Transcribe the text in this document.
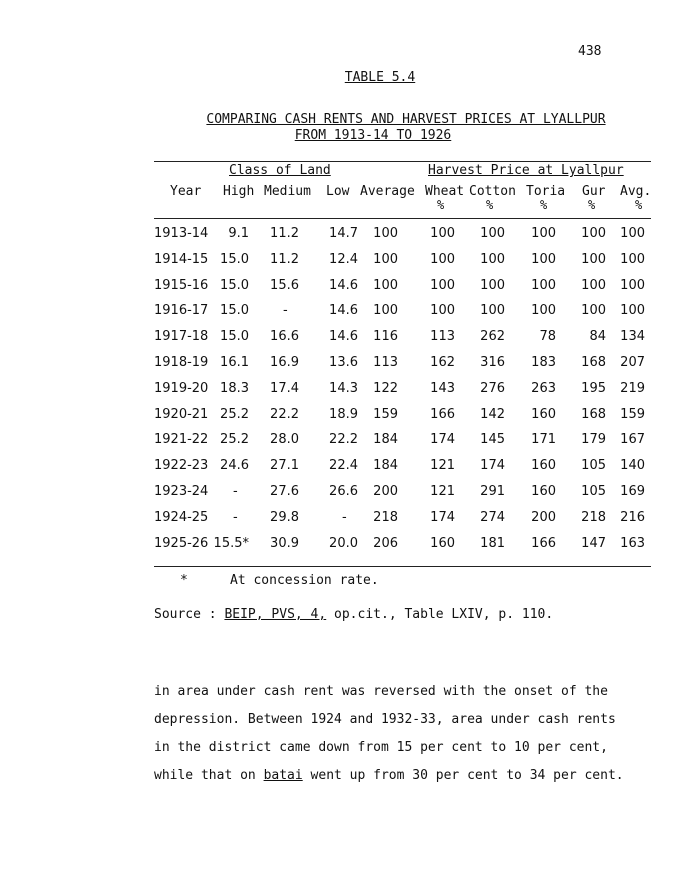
438
TABLE 5.4
COMPARING CASH RENTS AND HARVEST PRICES AT LYALLPUR
FROM 1913-14 TO 1926
Class of Land	Harvest Price at Lyallpur
Year High Medium Low Average Wheat Cotton Toria Gur Avg.
%	%	%	%	%
1913-14 9.1 11.2 14.7 100 100 100 100 100 100
1914-15 15.0 11.2 12.4 100 100 100 100 100 100
1915-16 15.0 15.6 14.6 100 100 100 100 100 100
1916-17 15.0	-	14.6 100 100 100 100 100 100
1917-18 15.0 16.6 14.6 116 113 262	78	84 134
1918-19 16.1 16.9 13.6 113 162 316 183 168 207
1919-20 18.3 17.4 14.3 122 143 276 263 195 219
1920-21 25.2 22.2 18.9 159 166 142 160 168 159
1921-22 25.2 28.0 22.2 184 174 145 171 179 167
1922-23 24.6 27.1 22.4 184 121 174 160 105 140
1923-24 - 27.6 26.6 200 121 291 160 105 169
1924-25 - 29.8	- 218 174 274 200 218 216
1925-26 15.5* 30.9 20.0 206 160 181 166 147 163
*	At concession rate.
Source : BEIP, PVS, 4, op.cit., Table LXIV, p. 110.
in area under cash rent was reversed with the onset of the
depression. Between 1924 and 1932-33, area under cash rents
in the district came down from 15 per cent to 10 per cent,
while that on batai went up from 30 per cent to 34 per cent.
